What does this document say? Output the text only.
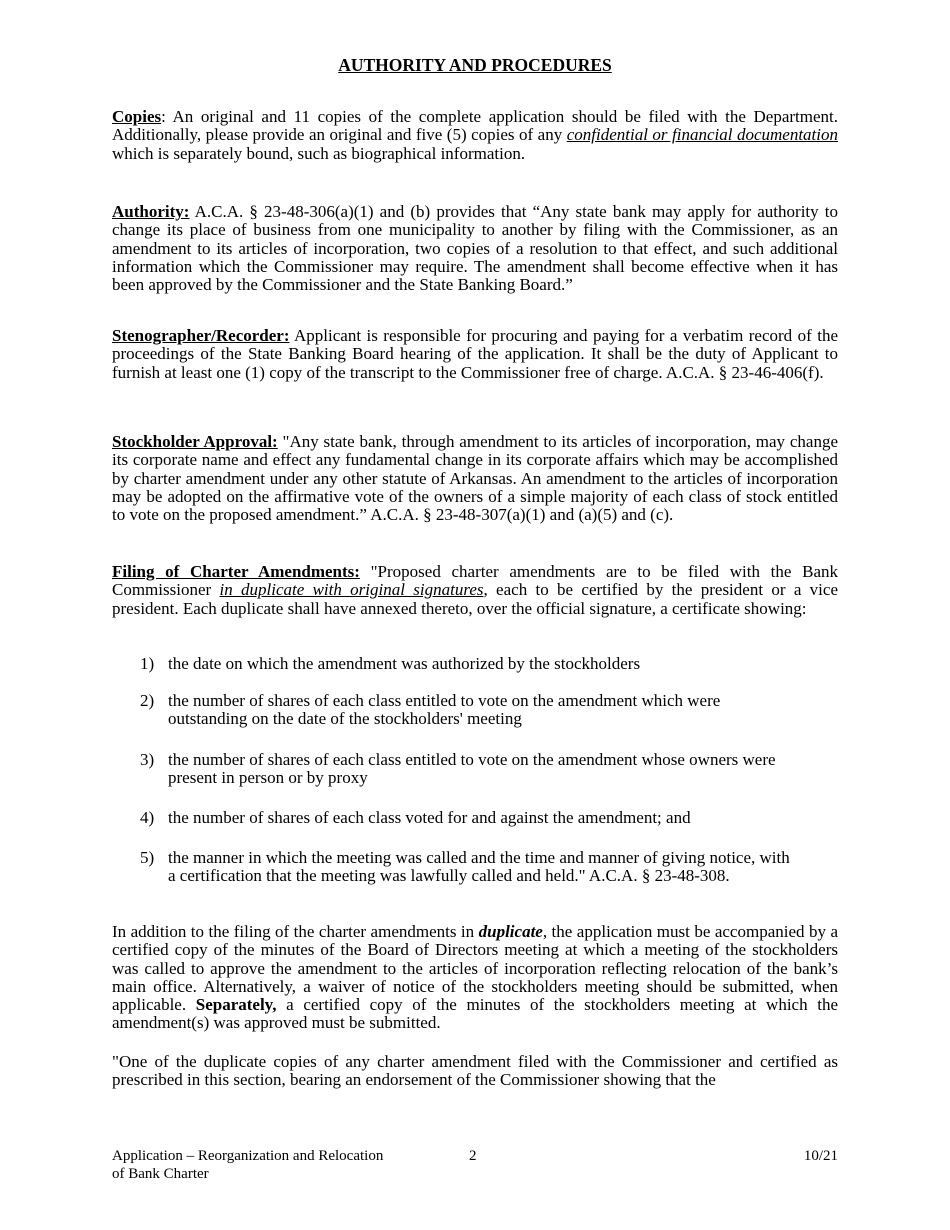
AUTHORITY AND PROCEDURES

Copies: An original and 11 copies of the complete application should be filed with the Department. Additionally, please provide an original and five (5) copies of any confidential or financial documentation which is separately bound, such as biographical information.

Authority: A.C.A. § 23-48-306(a)(1) and (b) provides that “Any state bank may apply for authority to change its place of business from one municipality to another by filing with the Commissioner, as an amendment to its articles of incorporation, two copies of a resolution to that effect, and such additional information which the Commissioner may require. The amendment shall become effective when it has been approved by the Commissioner and the State Banking Board.”

Stenographer/Recorder: Applicant is responsible for procuring and paying for a verbatim record of the proceedings of the State Banking Board hearing of the application. It shall be the duty of Applicant to furnish at least one (1) copy of the transcript to the Commissioner free of charge. A.C.A. § 23-46-406(f).

Stockholder Approval: "Any state bank, through amendment to its articles of incorporation, may change its corporate name and effect any fundamental change in its corporate affairs which may be accomplished by charter amendment under any other statute of Arkansas. An amendment to the articles of incorporation may be adopted on the affirmative vote of the owners of a simple majority of each class of stock entitled to vote on the proposed amendment.” A.C.A. § 23-48-307(a)(1) and (a)(5) and (c).

Filing of Charter Amendments: "Proposed charter amendments are to be filed with the Bank Commissioner in duplicate with original signatures, each to be certified by the president or a vice president. Each duplicate shall have annexed thereto, over the official signature, a certificate showing:

1) the date on which the amendment was authorized by the stockholders
2) the number of shares of each class entitled to vote on the amendment which were outstanding on the date of the stockholders' meeting
3) the number of shares of each class entitled to vote on the amendment whose owners were present in person or by proxy
4) the number of shares of each class voted for and against the amendment; and
5) the manner in which the meeting was called and the time and manner of giving notice, with a certification that the meeting was lawfully called and held." A.C.A. § 23-48-308.

In addition to the filing of the charter amendments in duplicate, the application must be accompanied by a certified copy of the minutes of the Board of Directors meeting at which a meeting of the stockholders was called to approve the amendment to the articles of incorporation reflecting relocation of the bank’s main office. Alternatively, a waiver of notice of the stockholders meeting should be submitted, when applicable. Separately, a certified copy of the minutes of the stockholders meeting at which the amendment(s) was approved must be submitted.

"One of the duplicate copies of any charter amendment filed with the Commissioner and certified as prescribed in this section, bearing an endorsement of the Commissioner showing that the

Application – Reorganization and Relocation
of Bank Charter
2	10/21
